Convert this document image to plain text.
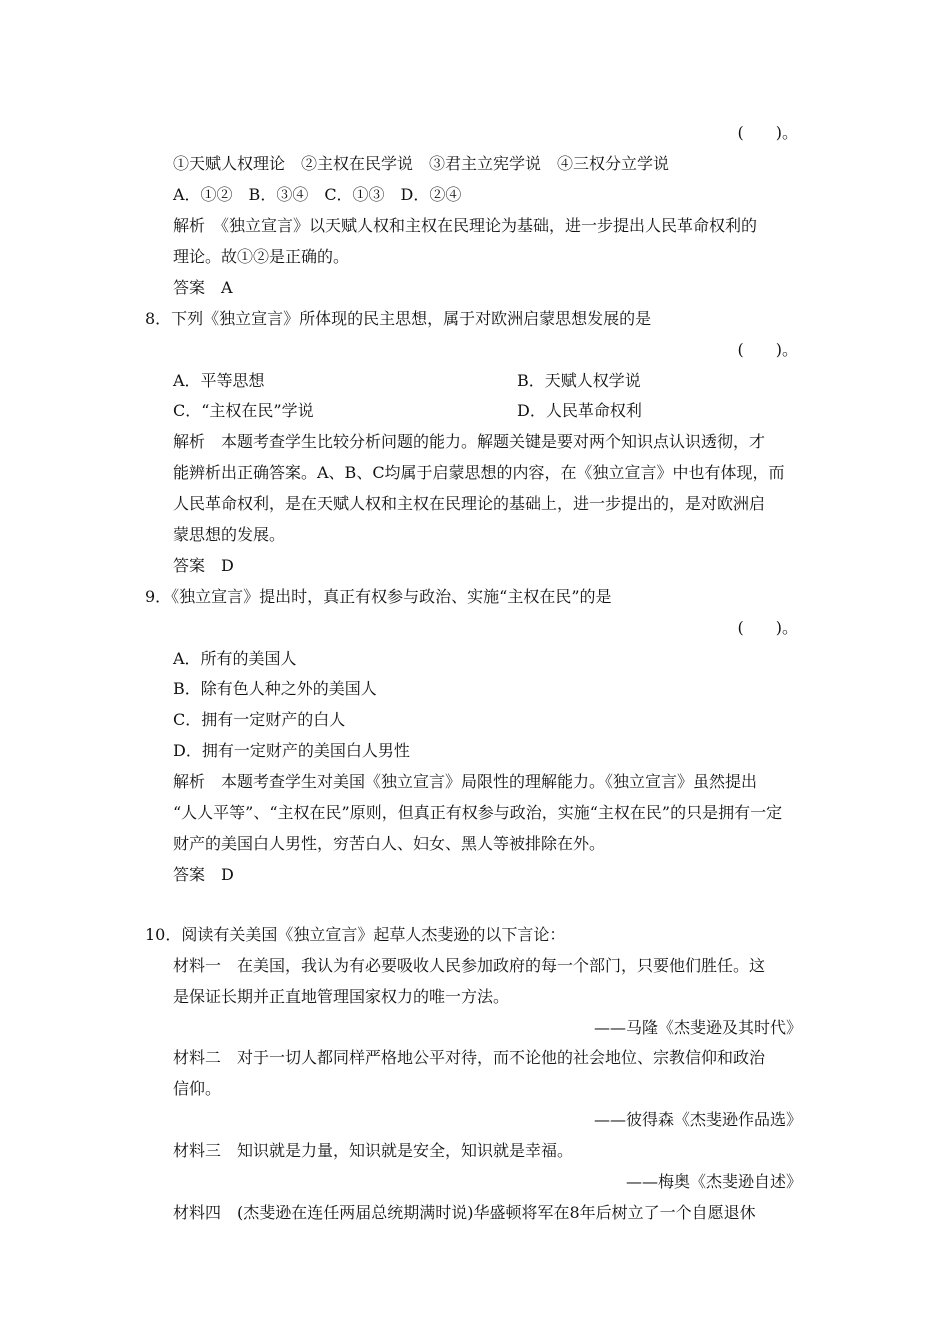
(　　)。
①天赋人权理论　②主权在民学说　③君主立宪学说　④三权分立学说
A．①②　B．③④　C．①③　D．②④
解析　《独立宣言》以天赋人权和主权在民理论为基础，进一步提出人民革命权利的
理论。故①②是正确的。
答案　A
8．下列《独立宣言》所体现的民主思想，属于对欧洲启蒙思想发展的是
(　　)。
A．平等思想	B．天赋人权学说
C．“主权在民”学说	D．人民革命权利
解析　本题考查学生比较分析问题的能力。解题关键是要对两个知识点认识透彻，才
能辨析出正确答案。A、B、C均属于启蒙思想的内容，在《独立宣言》中也有体现，而
人民革命权利，是在天赋人权和主权在民理论的基础上，进一步提出的，是对欧洲启
蒙思想的发展。
答案　D
9．《独立宣言》提出时，真正有权参与政治、实施“主权在民”的是
(　　)。
A．所有的美国人
B．除有色人种之外的美国人
C．拥有一定财产的白人
D．拥有一定财产的美国白人男性
解析　本题考查学生对美国《独立宣言》局限性的理解能力。《独立宣言》虽然提出
“人人平等”、“主权在民”原则，但真正有权参与政治，实施“主权在民”的只是拥有一定
财产的美国白人男性，穷苦白人、妇女、黑人等被排除在外。
答案　D
10．阅读有关美国《独立宣言》起草人杰斐逊的以下言论：
材料一　在美国，我认为有必要吸收人民参加政府的每一个部门，只要他们胜任。这
是保证长期并正直地管理国家权力的唯一方法。
——马隆《杰斐逊及其时代》
材料二　对于一切人都同样严格地公平对待，而不论他的社会地位、宗教信仰和政治
信仰。
——彼得森《杰斐逊作品选》
材料三　知识就是力量，知识就是安全，知识就是幸福。
——梅奥《杰斐逊自述》
材料四　(杰斐逊在连任两届总统期满时说)华盛顿将军在8年后树立了一个自愿退休
